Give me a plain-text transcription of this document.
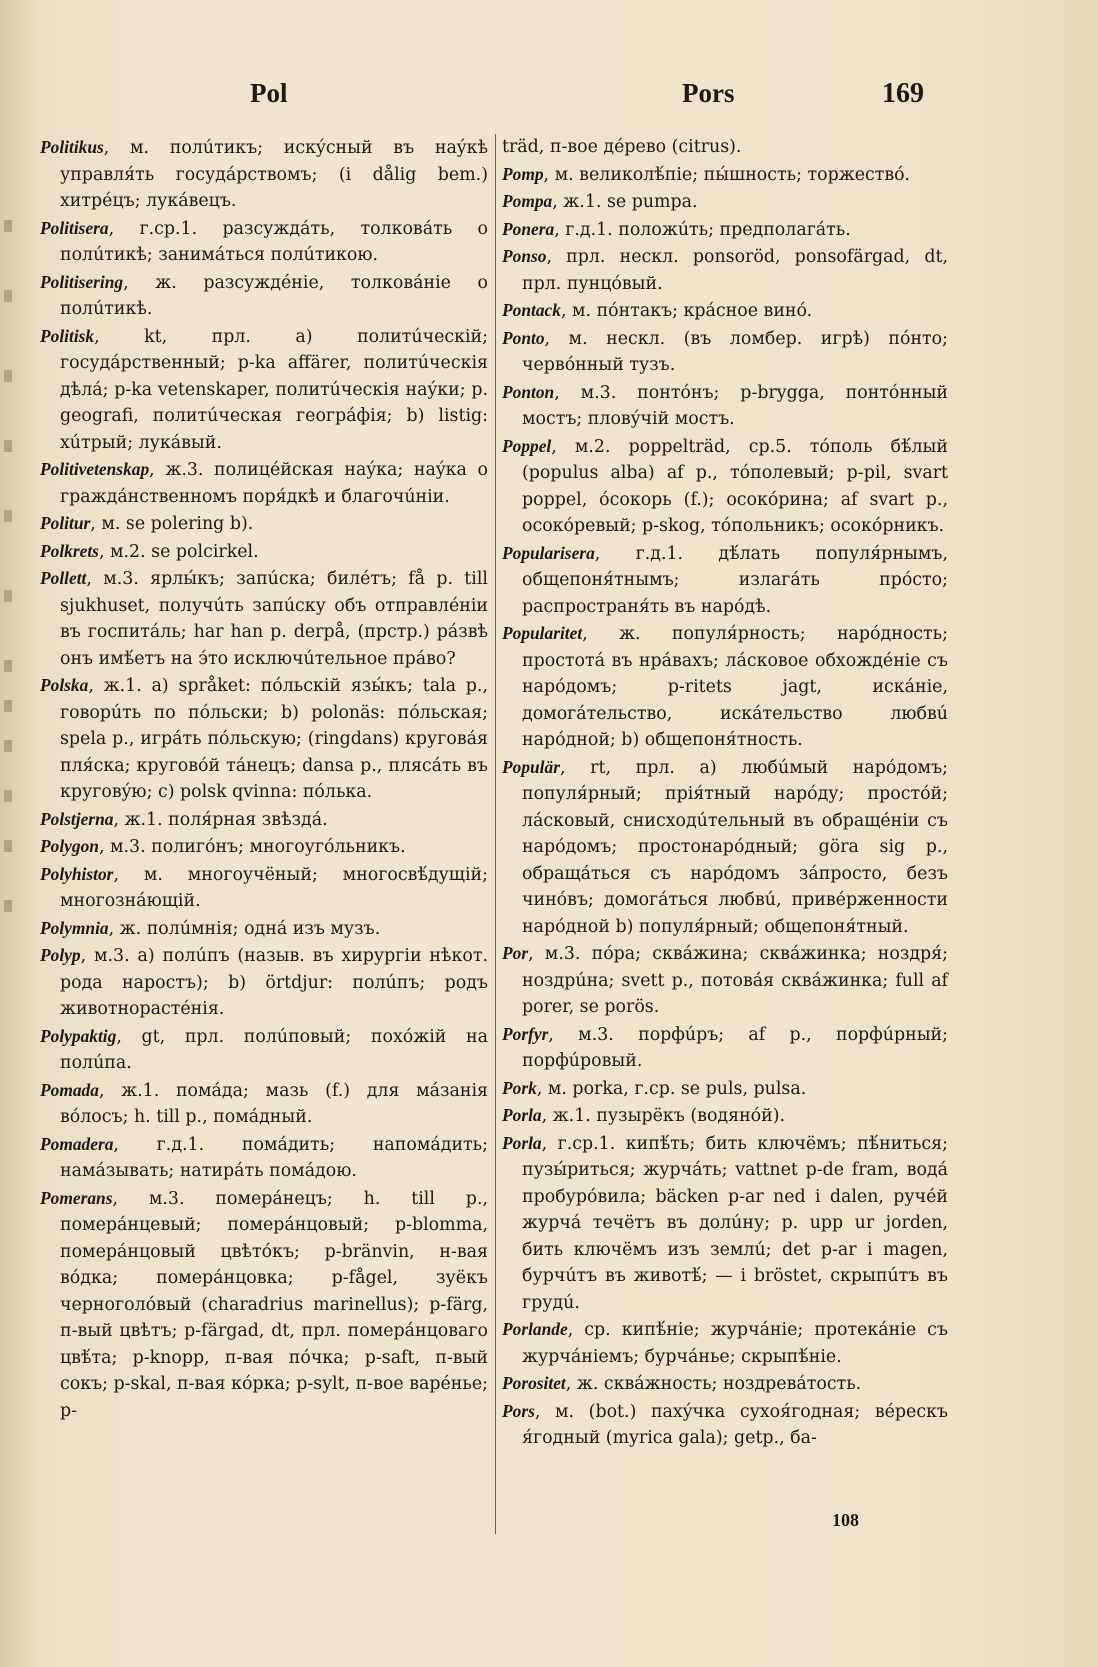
Pol	Pors	169

Politikus, м. полúтикъ; искýсный въ наýкѣ управля́ть госудáрствомъ; (i dålig bem.) хитрéцъ; лукáвецъ.

Politisera, г.ср.1. разсуждáть, толковáть о полúтикѣ; занимáться полúтикою.

Politisering, ж. разсуждéніе, толковáніе о полúтикѣ.

Politisk, kt, прл. a) политúческій; госудáрственный; p-ka affärer, политúческія дѣлá; p-ka vetenskaper, политúческія наýки; p. geografi, политúческая геогрáфія; b) listig: хúтрый; лукáвый.

Politivetenskap, ж.3. полицéйская наýка; наýка о граждáнственномъ поря́дкѣ и благочúніи.

Politur, м. se polering b).

Polkrets, м.2. se polcirkel.

Pollett, м.3. ярлы́къ; запúска; билéтъ; få p. till sjukhuset, получúть запúску объ отправлéніи въ госпитáль; har han p. derpå, (прстр.) рáзвѣ онъ имѣ́етъ на э́то исключúтельное прáво?

Polska, ж.1. a) språket: пóльскій язы́къ; tala p., говорúть по пóльски; b) polonäs: пóльская; spela p., игрáть пóльскую; (ringdans) кругова́я пля́ска; круговóй тáнецъ; dansa p., плясáть въ круговýю; c) polsk qvinna: пóлька.

Polstjerna, ж.1. поля́рная звѣздá.

Polygon, м.3. полигóнъ; многоугóльникъ.

Polyhistor, м. многоучёный; многосвѣ́дущій; многознáющій.

Polymnia, ж. полúмнія; однá изъ музъ.

Polyp, м.3. a) полúпъ (назыв. въ хирургіи нѣкот. рода наростъ); b) örtdjur: полúпъ; родъ животнорастéнія.

Polypaktig, gt, прл. полúповый; похóжій на полúпа.

Pomada, ж.1. помáда; мазь (f.) для мáзанія вóлосъ; h. till p., помáдный.

Pomadera, г.д.1. помáдить; напомáдить; намáзывать; натирáть помáдою.

Pomerans, м.3. померáнецъ; h. till p., померáнцевый; померáнцовый; p-blomma, померáнцовый цвѣтóкъ; p-bränvin, н-вая вóдка; померáнцовка; p-fågel, зуёкъ черноголóвый (charadrius marinellus); p-färg, п-вый цвѣтъ; p-färgad, dt, прл. померáнцоваго цвѣ́та; p-knopp, п-вая пóчка; p-saft, п-вый сокъ; p-skal, п-вая кóрка; p-sylt, п-вое варéнье; p-

träd, п-вое дéрево (citrus).

Pomp, м. великолѣ́піе; пы́шность; торжествó.

Pompa, ж.1. se pumpa.

Ponera, г.д.1. положúть; предполагáть.

Ponso, прл. нескл. ponsoröd, ponsofärgad, dt, прл. пунцóвый.

Pontack, м. пóнтакъ; крáсное винó.

Ponto, м. нескл. (въ ломбер. игрѣ) пóнто; червóнный тузъ.

Ponton, м.3. понтóнъ; p-brygga, понтóнный мостъ; пловýчій мостъ.

Poppel, м.2. poppelträd, ср.5. тóполь бѣ́лый (populus alba) af p., тóполевый; p-pil, svart poppel, óсокорь (f.); осокóрина; af svart p., осокóревый; p-skog, тóпольникъ; осокóрникъ.

Popularisera, г.д.1. дѣ́лать популя́рнымъ, общепоня́тнымъ; излагáть прóсто; распространя́ть въ нарóдѣ.

Popularitet, ж. популя́рность; нарóдность; простотá въ нрáвахъ; лáсковое обхождéніе съ нарóдомъ; p-ritets jagt, искáніе, домогáтельство, искáтельство любвú нарóдной; b) общепоня́тность.

Populär, rt, прл. a) любúмый нарóдомъ; популя́рный; прія́тный нарóду; простóй; лáсковый, снисходúтельный въ обращéніи съ нарóдомъ; простонарóдный; göra sig p., обращáться съ нарóдомъ зáпросто, безъ чинóвъ; домогáться любвú, привéрженности нарóдной b) популя́рный; общепоня́тный.

Por, м.3. пóра; сквáжина; сквáжинка; ноздря́; ноздрúна; svett p., потовáя сквáжинка; full af porer, se porös.

Porfyr, м.3. порфúръ; af p., порфúрный; порфúровый.

Pork, м. porka, г.ср. se puls, pulsa.

Porla, ж.1. пузырёкъ (водянóй).

Porla, г.ср.1. кипѣ́ть; бить ключёмъ; пѣ́ниться; пузы́риться; журчáть; vattnet p-de fram, водá пробурóвила; bäcken p-ar ned i dalen, ручéй журчá течётъ въ долúну; p. upp ur jorden, бить ключёмъ изъ землú; det p-ar i magen, бурчúтъ въ животѣ́; — i bröstet, скрыпúтъ въ грудú.

Porlande, ср. кипѣ́ніе; журчáніе; протекáніе съ журчáніемъ; бурчáнье; скрыпѣ́ніе.

Porositet, ж. сквáжность; ноздревáтость.

Pors, м. (bot.) пахýчка сухоя́годная; вéрескъ я́годный (myrica gala); getp., ба-

108
